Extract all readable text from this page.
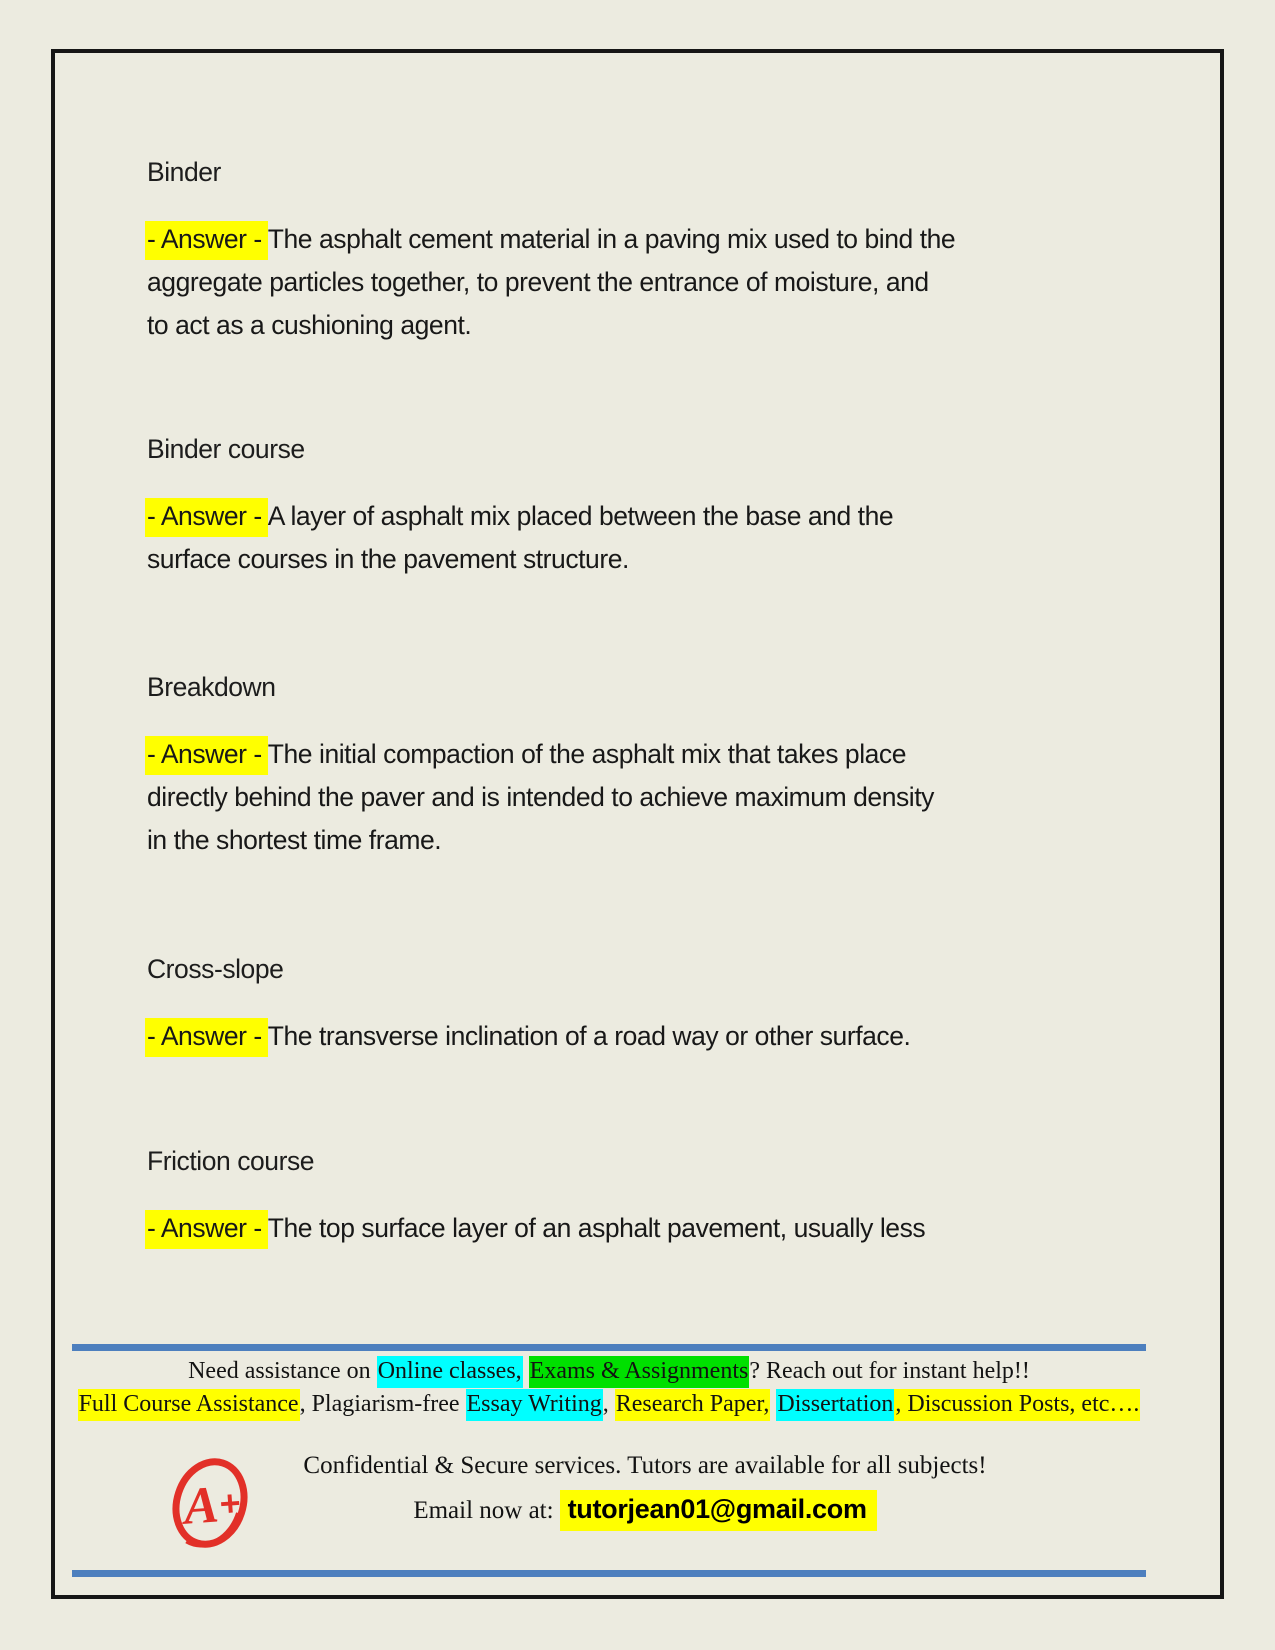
Binder
- Answer - The asphalt cement material in a paving mix used to bind the
aggregate particles together, to prevent the entrance of moisture, and
to act as a cushioning agent.
Binder course
- Answer - A layer of asphalt mix placed between the base and the
surface courses in the pavement structure.
Breakdown
- Answer - The initial compaction of the asphalt mix that takes place
directly behind the paver and is intended to achieve maximum density
in the shortest time frame.
Cross-slope
- Answer - The transverse inclination of a road way or other surface.
Friction course
- Answer - The top surface layer of an asphalt pavement, usually less
Need assistance on Online classes, Exams & Assignments? Reach out for instant help!!
Full Course Assistance, Plagiarism-free Essay Writing, Research Paper, Dissertation, Discussion Posts, etc….
A
+
Confidential & Secure services. Tutors are available for all subjects!
Email now at: tutorjean01@gmail.com
